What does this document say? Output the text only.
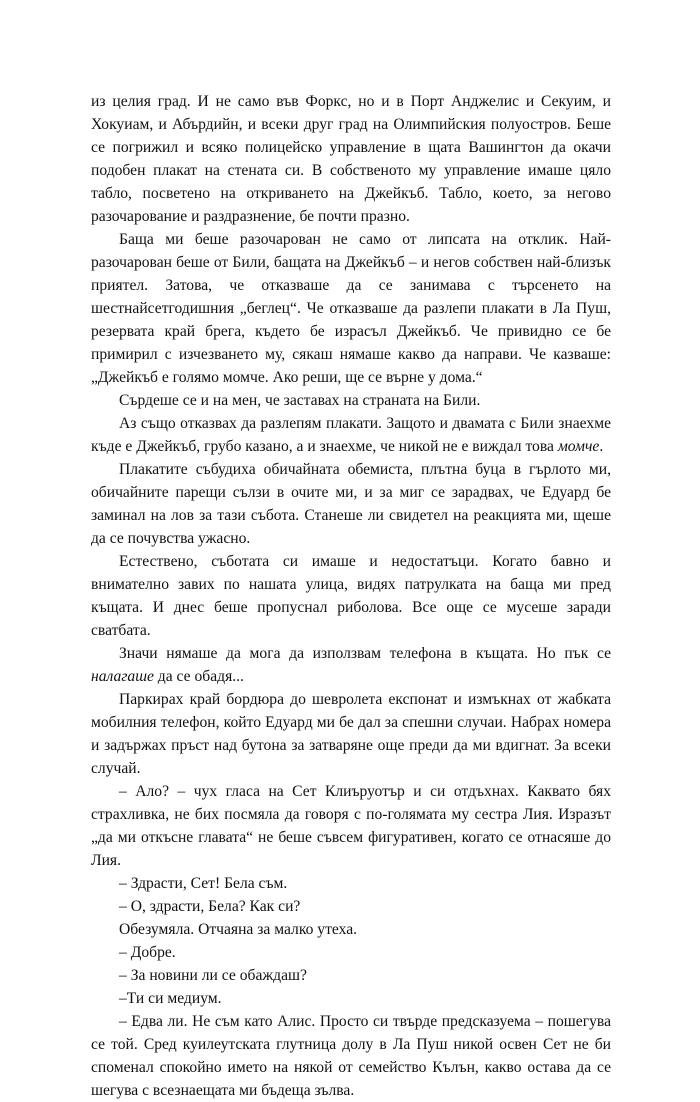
из целия град. И не само във Форкс, но и в Порт Анджелис и Секуим, и Хокуиам, и Абърдийн, и всеки друг град на Олимпийския полуостров. Беше се погрижил и всяко полицейско управление в щата Вашингтон да окачи подобен плакат на стената си. В собственото му управление имаше цяло табло, посветено на откриването на Джейкъб. Табло, което, за негово разочарование и раздразнение, бе почти празно.

Баща ми беше разочарован не само от липсата на отклик. Най-разочарован беше от Били, бащата на Джейкъб – и негов собствен най-близък приятел. Затова, че отказваше да се занимава с търсенето на шестнайсетгодишния „беглец“. Че отказваше да разлепи плакати в Ла Пуш, резервата край брега, където бе израсъл Джейкъб. Че привидно се бе примирил с изчезването му, сякаш нямаше какво да направи. Че казваше: „Джейкъб е голямо момче. Ако реши, ще се върне у дома.“

Сърдеше се и на мен, че заставах на страната на Били.

Аз също отказвах да разлепям плакати. Защото и двамата с Били знаехме къде е Джейкъб, грубо казано, а и знаехме, че никой не е виждал това момче.

Плакатите събудиха обичайната обемиста, плътна буца в гърлото ми, обичайните парещи сълзи в очите ми, и за миг се зарадвах, че Едуард бе заминал на лов за тази събота. Станеше ли свидетел на реакцията ми, щеше да се почувства ужасно.

Естествено, съботата си имаше и недостатъци. Когато бавно и внимателно завих по нашата улица, видях патрулката на баща ми пред къщата. И днес беше пропуснал риболова. Все още се мусеше заради сватбата.

Значи нямаше да мога да използвам телефона в къщата. Но пък се налагаше да се обадя...

Паркирах край бордюра до шевролета експонат и измъкнах от жабката мобилния телефон, който Едуард ми бе дал за спешни случаи. Набрах номера и задържах пръст над бутона за затваряне още преди да ми вдигнат. За всеки случай.

– Ало? – чух гласа на Сет Клиъруотър и си отдъхнах. Каквато бях страхливка, не бих посмяла да говоря с по-голямата му сестра Лия. Изразът „да ми откъсне главата“ не беше съвсем фигуративен, когато се отнасяше до Лия.

– Здрасти, Сет! Бела съм.

– О, здрасти, Бела? Как си?

Обезумяла. Отчаяна за малко утеха.

– Добре.

– За новини ли се обаждаш?

–Ти си медиум.

– Едва ли. Не съм като Алис. Просто си твърде предсказуема – пошегува се той. Сред куилеутската глутница долу в Ла Пуш никой освен Сет не би споменал спокойно името на някой от семейство Кълън, какво остава да се шегува с всезнаещата ми бъдеща зълва.
